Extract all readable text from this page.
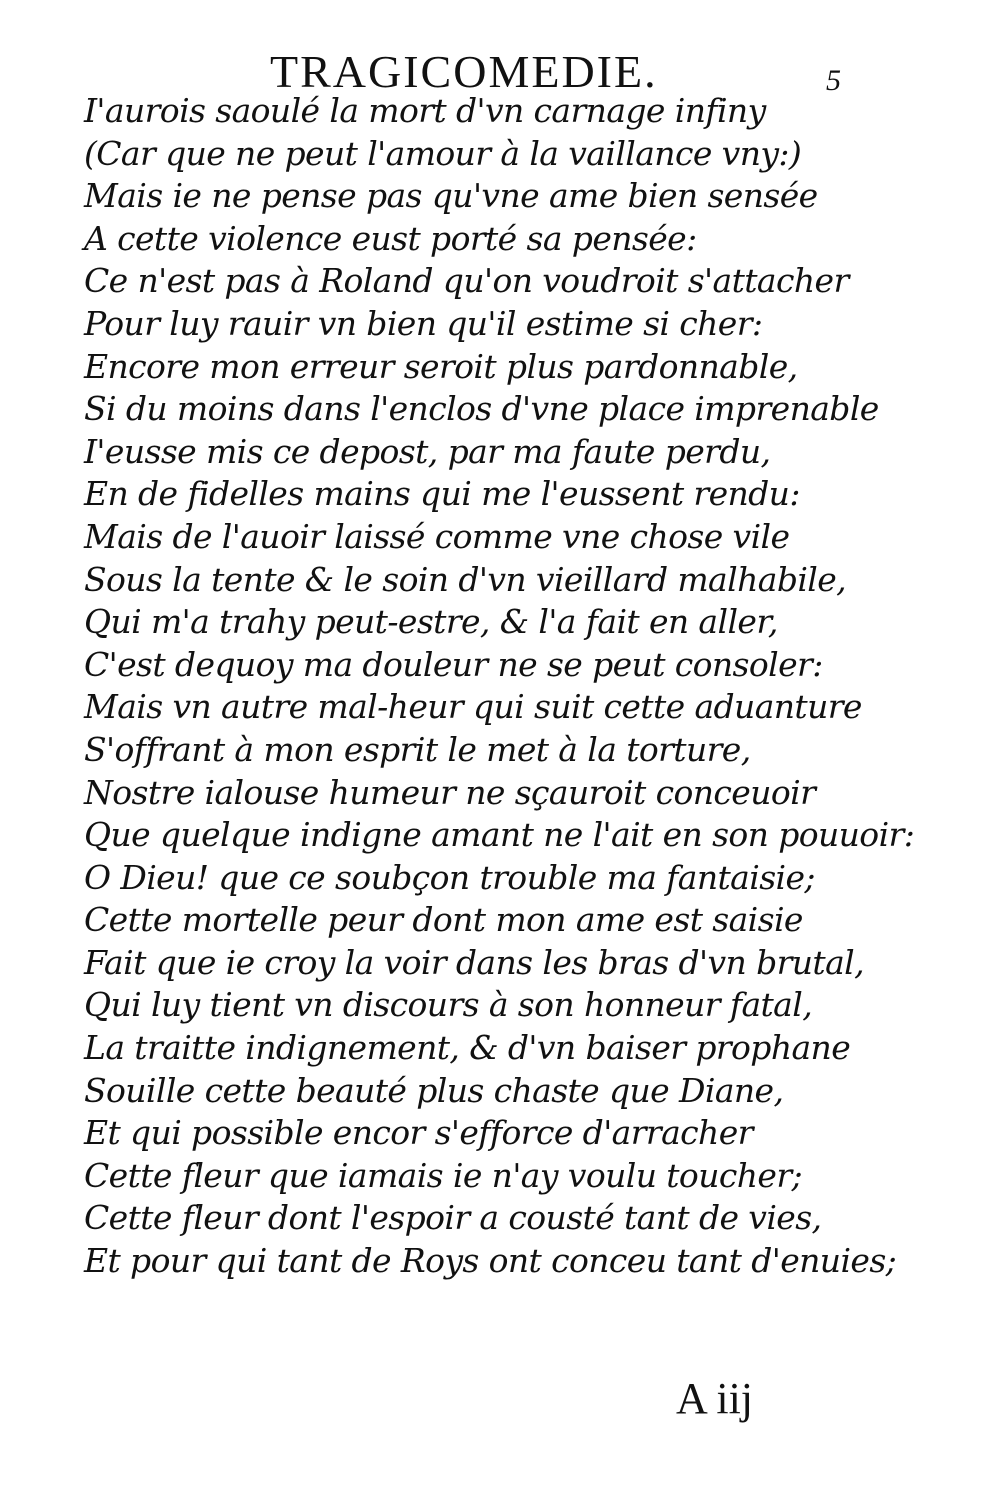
TRAGICOMEDIE.	5
I'aurois saoulé la mort d'vn carnage infiny
(Car que ne peut l'amour à la vaillance vny:)
Mais ie ne pense pas qu'vne ame bien sensée
A cette violence eust porté sa pensée:
Ce n'est pas à Roland qu'on voudroit s'attacher
Pour luy rauir vn bien qu'il estime si cher:
Encore mon erreur seroit plus pardonnable,
Si du moins dans l'enclos d'vne place imprenable
I'eusse mis ce depost, par ma faute perdu,
En de fidelles mains qui me l'eussent rendu:
Mais de l'auoir laissé comme vne chose vile
Sous la tente & le soin d'vn vieillard malhabile,
Qui m'a trahy peut-estre, & l'a fait en aller,
C'est dequoy ma douleur ne se peut consoler:
Mais vn autre mal-heur qui suit cette aduanture
S'offrant à mon esprit le met à la torture,
Nostre ialouse humeur ne sçauroit conceuoir
Que quelque indigne amant ne l'ait en son pouuoir:
O Dieu! que ce soubçon trouble ma fantaisie;
Cette mortelle peur dont mon ame est saisie
Fait que ie croy la voir dans les bras d'vn brutal,
Qui luy tient vn discours à son honneur fatal,
La traitte indignement, & d'vn baiser prophane
Souille cette beauté plus chaste que Diane,
Et qui possible encor s'efforce d'arracher
Cette fleur que iamais ie n'ay voulu toucher;
Cette fleur dont l'espoir a cousté tant de vies,
Et pour qui tant de Roys ont conceu tant d'enuies;
A iij
